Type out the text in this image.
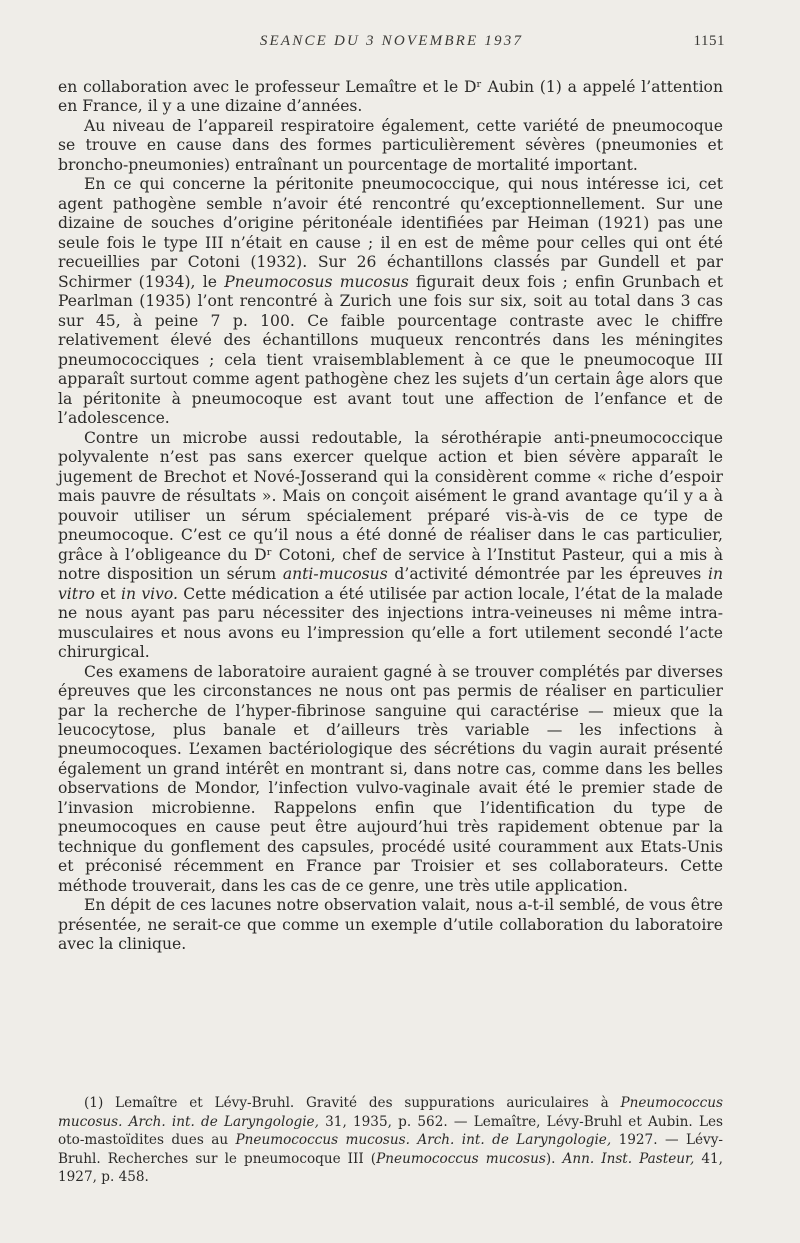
SEANCE DU 3 NOVEMBRE 1937	1151

en collaboration avec le professeur Lemaître et le Dʳ Aubin (1) a appelé l’attention en France, il y a une dizaine d’années.

Au niveau de l’appareil respiratoire également, cette variété de pneumocoque se trouve en cause dans des formes particulièrement sévères (pneumonies et broncho-pneumonies) entraînant un pourcentage de mortalité important.

En ce qui concerne la péritonite pneumococcique, qui nous intéresse ici, cet agent pathogène semble n’avoir été rencontré qu’exceptionnellement. Sur une dizaine de souches d’origine péritonéale identifiées par Heiman (1921) pas une seule fois le type III n’était en cause ; il en est de même pour celles qui ont été recueillies par Cotoni (1932). Sur 26 échantillons classés par Gundell et par Schirmer (1934), le Pneumocosus mucosus figurait deux fois ; enfin Grunbach et Pearlman (1935) l’ont rencontré à Zurich une fois sur six, soit au total dans 3 cas sur 45, à peine 7 p. 100. Ce faible pourcentage contraste avec le chiffre relativement élevé des échantillons muqueux rencontrés dans les méningites pneumococciques ; cela tient vraisemblablement à ce que le pneumocoque III apparaît surtout comme agent pathogène chez les sujets d’un certain âge alors que la péritonite à pneumocoque est avant tout une affection de l’enfance et de l’adolescence.

Contre un microbe aussi redoutable, la sérothérapie anti-pneumococcique polyvalente n’est pas sans exercer quelque action et bien sévère apparaît le jugement de Brechot et Nové-Josserand qui la considèrent comme « riche d’espoir mais pauvre de résultats ». Mais on conçoit aisément le grand avantage qu’il y a à pouvoir utiliser un sérum spécialement préparé vis-à-vis de ce type de pneumocoque. C’est ce qu’il nous a été donné de réaliser dans le cas particulier, grâce à l’obligeance du Dʳ Cotoni, chef de service à l’Institut Pasteur, qui a mis à notre disposition un sérum anti-mucosus d’activité démontrée par les épreuves in vitro et in vivo. Cette médication a été utilisée par action locale, l’état de la malade ne nous ayant pas paru nécessiter des injections intra-veineuses ni même intra-musculaires et nous avons eu l’impression qu’elle a fort utilement secondé l’acte chirurgical.

Ces examens de laboratoire auraient gagné à se trouver complétés par diverses épreuves que les circonstances ne nous ont pas permis de réaliser en particulier par la recherche de l’hyper-fibrinose sanguine qui caractérise — mieux que la leucocytose, plus banale et d’ailleurs très variable — les infections à pneumocoques. L’examen bactériologique des sécrétions du vagin aurait présenté également un grand intérêt en montrant si, dans notre cas, comme dans les belles observations de Mondor, l’infection vulvo-vaginale avait été le premier stade de l’invasion microbienne. Rappelons enfin que l’identification du type de pneumocoques en cause peut être aujourd’hui très rapidement obtenue par la technique du gonflement des capsules, procédé usité couramment aux Etats-Unis et préconisé récemment en France par Troisier et ses collaborateurs. Cette méthode trouverait, dans les cas de ce genre, une très utile application.

En dépit de ces lacunes notre observation valait, nous a-t-il semblé, de vous être présentée, ne serait-ce que comme un exemple d’utile collaboration du laboratoire avec la clinique.

(1) Lemaître et Lévy-Bruhl. Gravité des suppurations auriculaires à Pneumococcus mucosus. Arch. int. de Laryngologie, 31, 1935, p. 562. — Lemaître, Lévy-Bruhl et Aubin. Les oto-mastoïdites dues au Pneumococcus mucosus. Arch. int. de Laryngologie, 1927. — Lévy-Bruhl. Recherches sur le pneumocoque III (Pneumococcus mucosus). Ann. Inst. Pasteur, 41, 1927, p. 458.
